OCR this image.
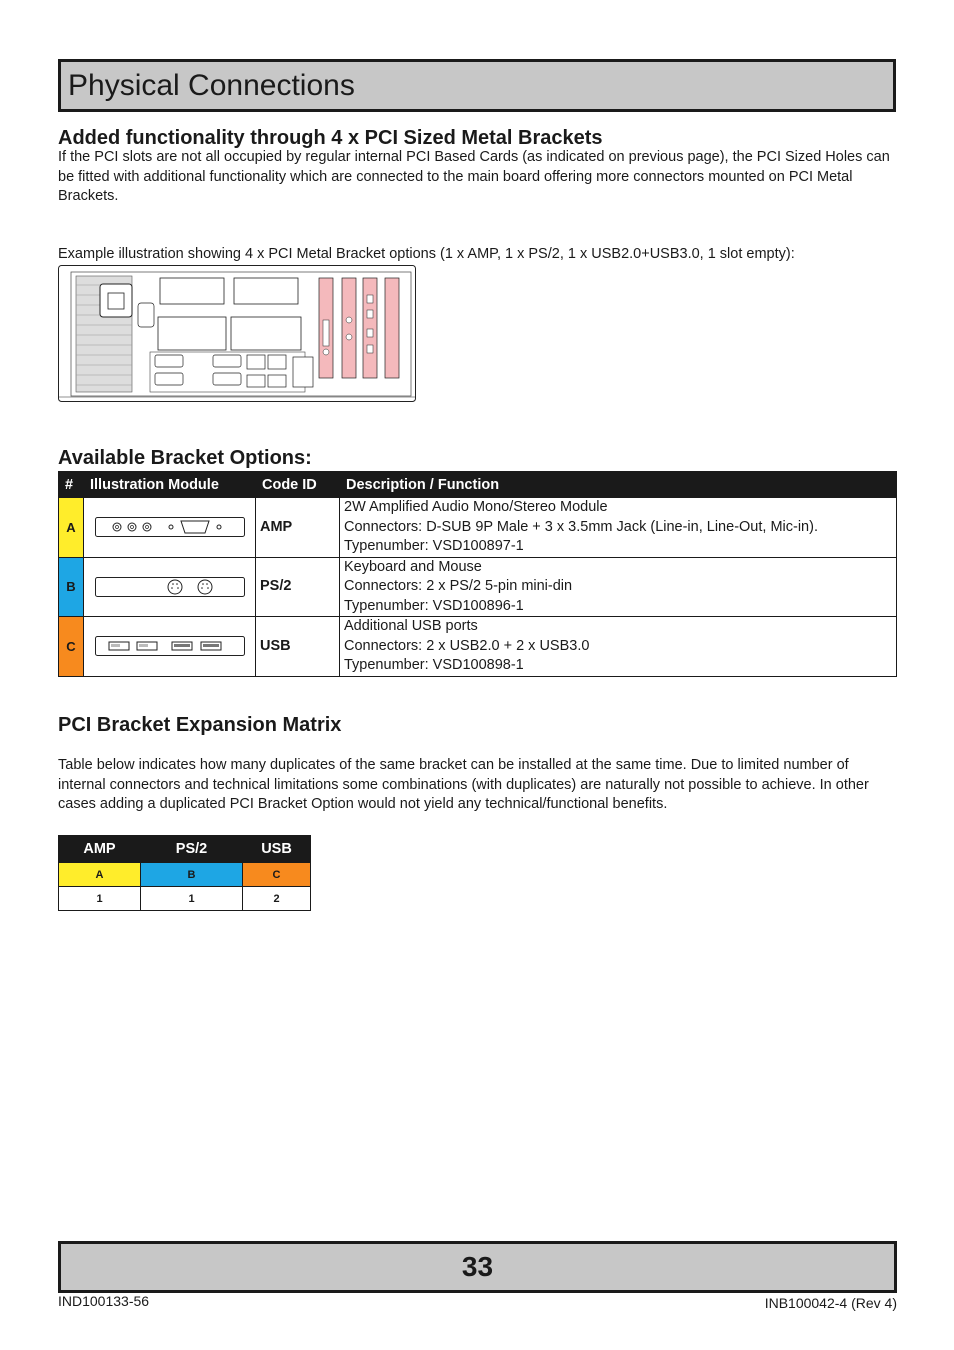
Physical Connections
Added functionality through 4 x PCI Sized Metal Brackets
If the PCI slots are not all occupied by regular internal PCI Based Cards (as indicated on previous page), the PCI Sized Holes can be fitted with additional functionality which are connected to the main board offering more connectors mounted on PCI Metal Brackets.
Example illustration showing 4 x PCI Metal Bracket options (1 x AMP, 1 x PS/2, 1 x USB2.0+USB3.0, 1 slot empty):
Available Bracket Options:
#	Illustration Module	Code ID	Description / Function
A		AMP	2W Amplified Audio Mono/Stereo Module
Connectors: D-SUB 9P Male + 3 x 3.5mm Jack (Line-in, Line-Out, Mic-in).
Typenumber: VSD100897-1

B		PS/2	Keyboard and Mouse
Connectors: 2 x PS/2 5-pin mini-din
Typenumber: VSD100896-1

C		USB	Additional USB ports
Connectors: 2 x USB2.0 + 2 x USB3.0
Typenumber: VSD100898-1
PCI Bracket Expansion Matrix
Table below indicates how many duplicates of the same bracket can be installed at the same time. Due to limited number of internal connectors and technical limitations some combinations (with duplicates) are naturally not possible to achieve. In other cases adding a duplicated PCI Bracket Option would not yield any technical/functional benefits.
AMP	PS/2	USB
A	B	C
1	1	2
33
IND100133-56	INB100042-4 (Rev 4)
